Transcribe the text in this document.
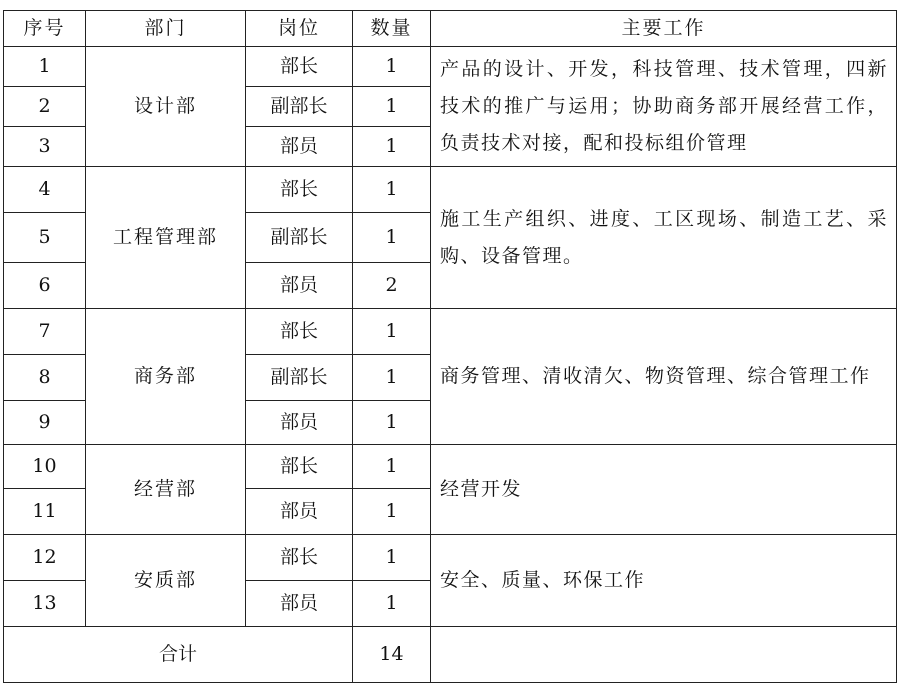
序号	部门	岗位	数量	主要工作
1	设计部	部长	1	产品的设计、开发，科技管理、技术管理，四新技术的推广与运用；协助商务部开展经营工作，负责技术对接，配和投标组价管理
2		副部长	1	
3		部员	1	
4	工程管理部	部长	1	施工生产组织、进度、工区现场、制造工艺、采购、设备管理。
5		副部长	1	
6		部员	2	
7	商务部	部长	1	商务管理、清收清欠、物资管理、综合管理工作
8		副部长	1	
9		部员	1	
10	经营部	部长	1	经营开发
11		部员	1	
12	安质部	部长	1	安全、质量、环保工作
13		部员	1	
合计			14	
